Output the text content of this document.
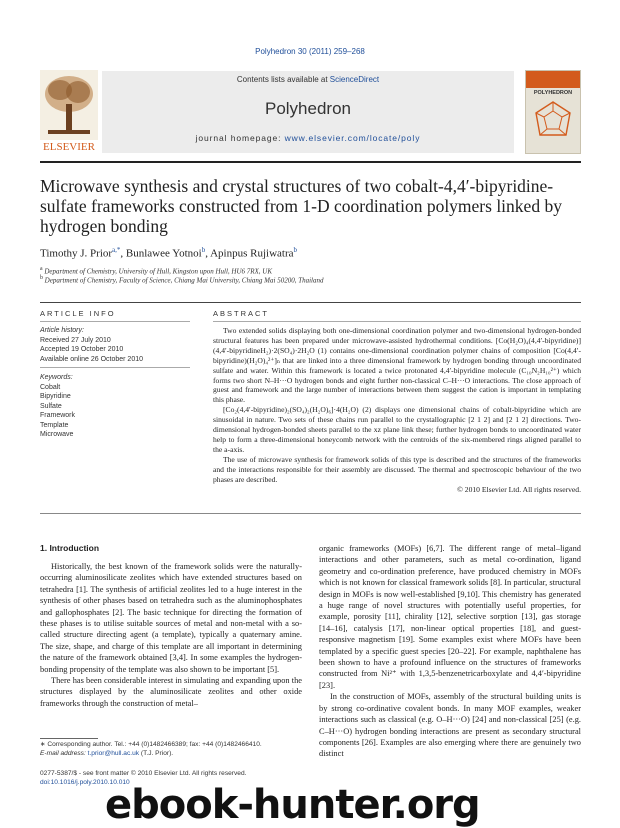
Polyhedron 30 (2011) 259–268
Contents lists available at ScienceDirect
Polyhedron
journal homepage: www.elsevier.com/locate/poly
ELSEVIER
POLYHEDRON
Microwave synthesis and crystal structures of two cobalt-4,4′-bipyridine-sulfate frameworks constructed from 1-D coordination polymers linked by hydrogen bonding
Timothy J. Prior$^{a,*}$, Bunlawee Yotnoi$^b$, Apinpus Rujiwatra$^b$
$^a$ Department of Chemistry, University of Hull, Kingston upon Hull, HU6 7RX, UK
$^b$ Department of Chemistry, Faculty of Science, Chiang Mai University, Chiang Mai 50200, Thailand
ARTICLE INFO
Article history:
Received 27 July 2010
Accepted 19 October 2010
Available online 26 October 2010
Keywords:
Cobalt
Bipyridine
Sulfate
Framework
Template
Microwave
ABSTRACT

Two extended solids displaying both one-dimensional coordination polymer and two-dimensional hydrogen-bonded structural features has been prepared under microwave-assisted hydrothermal conditions. [Co(H₂O)₄(4,4′-bipyridine)](4,4′-bipyridineH₂)·2(SO₄)·2H₂O (1) contains one-dimensional coordination polymer chains of composition [Co(4,4′-bipyridine)(H₂O)₄²⁺]ₙ that are linked into a three dimensional framework by hydrogen bonding through uncoordinated sulfate and water. Within this framework is located a twice protonated 4,4′-bipyridine molecule (C₁₀N₂H₁₀²⁺) which forms two short N–H···O hydrogen bonds and eight further non-classical C–H···O interactions. The close approach of guest and framework and the large number of interactions between them suggest the cation is important in templating this phase.

[Co₂(4,4′-bipyridine)₂(SO₄)₂(H₂O)₆]·4(H₂O) (2) displays one dimensional chains of cobalt-bipyridine which are sinusoidal in nature. Two sets of these chains run parallel to the crystallographic [2 1 2] and [2 1 2] directions. Two-dimensional hydrogen-bonded sheets parallel to the xz plane link these; further hydrogen bonds to uncoordinated water help to form a three-dimensional honeycomb network with the centroids of the six-membered rings aligned parallel to the a-axis.

The use of microwave synthesis for framework solids of this type is described and the structures of the frameworks and the interactions responsible for their assembly are discussed. The thermal and spectroscopic behaviour of the two phases are described.

© 2010 Elsevier Ltd. All rights reserved.
1. Introduction

Historically, the best known of the framework solids were the naturally-occurring aluminosilicate zeolites which have extended structures based on tetrahedra [1]. The synthesis of artificial zeolites led to a huge interest in the synthesis of other phases based on tetrahedra such as the aluminophosphates and gallophosphates [2]. The basic technique for directing the formation of these phases is to utilise suitable sources of metal and non-metal with a so-called structure directing agent (a template), typically a quaternary amine. The size, shape, and charge of this template are all important in determining the nature of the framework obtained [3,4]. In some examples the hydrogen-bonding propensity of the template was also shown to be important [5].

There has been considerable interest in simulating and expanding upon the structures displayed by the aluminosilicate zeolites and other oxide frameworks through the construction of metal–

organic frameworks (MOFs) [6,7]. The different range of metal–ligand interactions and other parameters, such as metal co-ordination, ligand geometry and co-ordination preference, have produced chemistry in MOFs which is not known for classical framework solids [8]. In particular, structural design in MOFs is now well-established [9,10]. This chemistry has generated a huge range of novel structures with potentially useful properties, for example, porosity [11], chirality [12], selective sorption [13], gas storage [14–16], catalysis [17], non-linear optical properties [18], and guest-responsive magnetism [19]. Some examples exist where MOFs have been templated by a specific guest species [20–22]. For example, naphthalene has been shown to have a profound influence on the structures of frameworks constructed from Ni²⁺ with 1,3,5-benzenetricarboxylate and 4,4′-bipyridine [23].

In the construction of MOFs, assembly of the structural building units is by strong co-ordinative covalent bonds. In many MOF examples, weaker interactions such as classical (e.g. O–H···O) [24] and non-classical [25] (e.g. C–H···O) hydrogen bonding interactions are present as secondary structural components [26]. Examples are also emerging where there are genuinely two distinct

∗ Corresponding author. Tel.: +44 (0)1482466389; fax: +44 (0)1482466410.
E-mail address: t.prior@hull.ac.uk (T.J. Prior).
0277-5387/$ - see front matter © 2010 Elsevier Ltd. All rights reserved.
doi:10.1016/j.poly.2010.10.010
ebook-hunter.org
